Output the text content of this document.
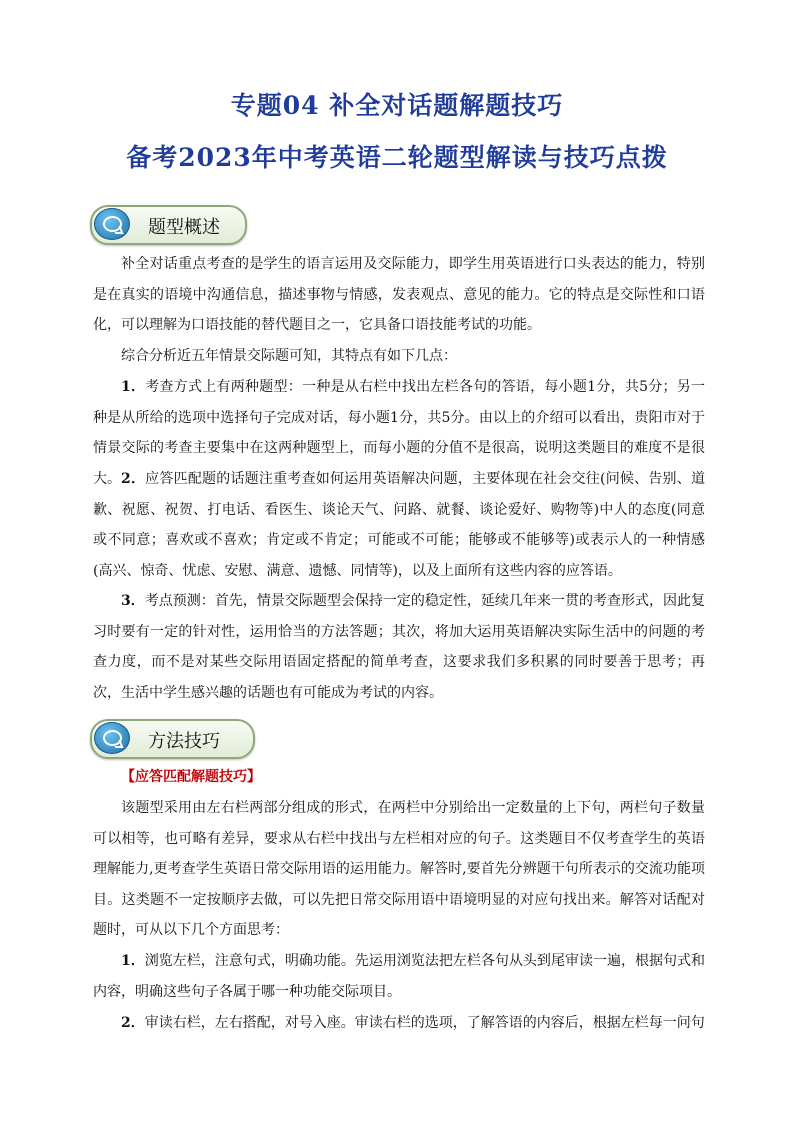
专题04 补全对话题解题技巧
备考2023年中考英语二轮题型解读与技巧点拨
题型概述

补全对话重点考查的是学生的语言运用及交际能力，即学生用英语进行口头表达的能力，特别是在真实的语境中沟通信息，描述事物与情感，发表观点、意见的能力。它的特点是交际性和口语化，可以理解为口语技能的替代题目之一，它具备口语技能考试的功能。

综合分析近五年情景交际题可知，其特点有如下几点：

1．考查方式上有两种题型：一种是从右栏中找出左栏各句的答语，每小题1分，共5分；另一种是从所给的选项中选择句子完成对话，每小题1分，共5分。由以上的介绍可以看出，贵阳市对于情景交际的考查主要集中在这两种题型上，而每小题的分值不是很高，说明这类题目的难度不是很大。 2．应答匹配题的话题注重考查如何运用英语解决问题，主要体现在社会交往(问候、告别、道歉、祝愿、祝贺、打电话、看医生、谈论天气、问路、就餐、谈论爱好、购物等)中人的态度(同意或不同意；喜欢或不喜欢；肯定或不肯定；可能或不可能；能够或不能够等)或表示人的一种情感(高兴、惊奇、忧虑、安慰、满意、遗憾、同情等)，以及上面所有这些内容的应答语。

3．考点预测：首先，情景交际题型会保持一定的稳定性，延续几年来一贯的考查形式，因此复习时要有一定的针对性，运用恰当的方法答题；其次，将加大运用英语解决实际生活中的问题的考查力度，而不是对某些交际用语固定搭配的简单考查，这要求我们多积累的同时要善于思考；再次，生活中学生感兴趣的话题也有可能成为考试的内容。

方法技巧
【应答匹配解题技巧】

该题型采用由左右栏两部分组成的形式，在两栏中分别给出一定数量的上下句，两栏句子数量可以相等，也可略有差异，要求从右栏中找出与左栏相对应的句子。这类题目不仅考查学生的英语理解能力,更考查学生英语日常交际用语的运用能力。解答时,要首先分辨题干句所表示的交流功能项目。这类题不一定按顺序去做，可以先把日常交际用语中语境明显的对应句找出来。解答对话配对题时，可从以下几个方面思考：

1．浏览左栏，注意句式，明确功能。先运用浏览法把左栏各句从头到尾审读一遍，根据句式和内容，明确这些句子各属于哪一种功能交际项目。

2．审读右栏，左右搭配，对号入座。审读右栏的选项，了解答语的内容后，根据左栏每一问句
